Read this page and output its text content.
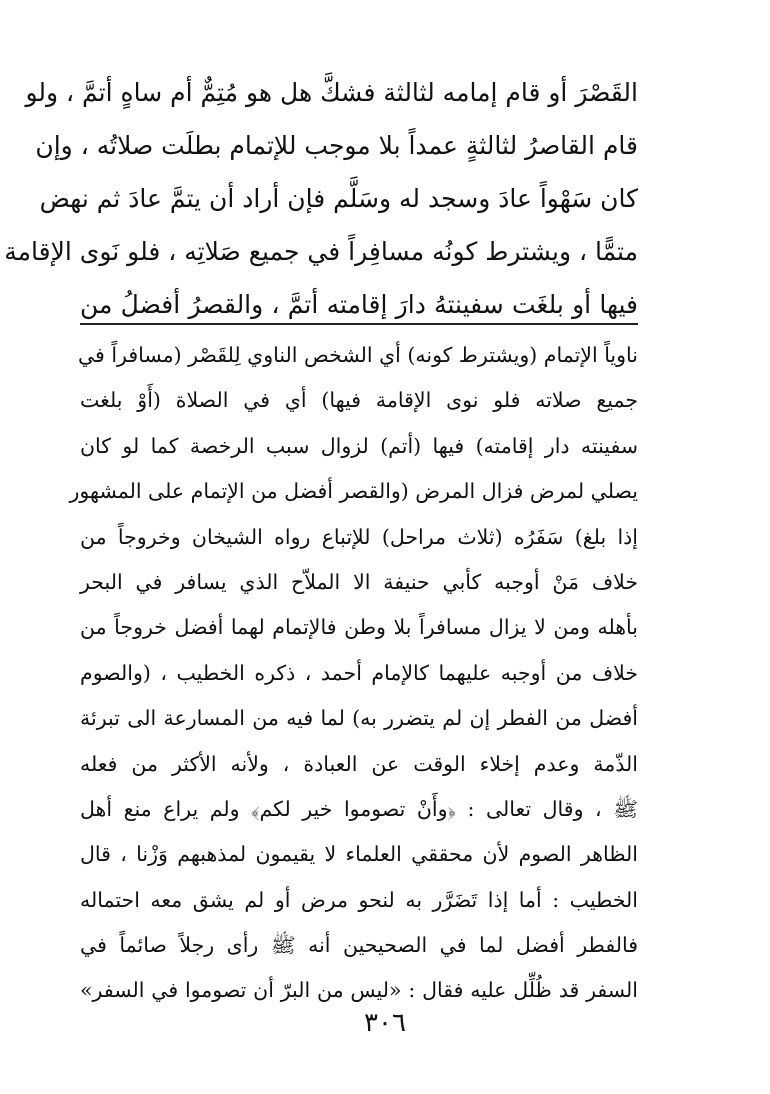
القَصْرَ أو قام إمامه لثالثة فشكَّ هل هو مُتِمٌّ أم ساهٍ أتمَّ ، ولو
قام القاصرُ لثالثةٍ عمداً بلا موجب للإتمام بطلَت صلاتُه ، وإن
كان سَهْواً عادَ وسجد له وسَلَّم فإن أراد أن يتمَّ عادَ ثم نهض
متمًّا ، ويشترط كونُه مسافِراً في جميع صَلاتِه ، فلو نَوى الإقامة
فيها أو بلغَت سفينتهُ دارَ إقامته أتمَّ ، والقصرُ أفضلُ من
ناوياً الإتمام (ويشترط كونه) أي الشخص الناوي لِلقَصْر (مسافراً في
جميع صلاته فلو نوى الإقامة فيها) أي في الصلاة (أَوْ بلغت
سفينته دار إقامته) فيها (أتم) لزوال سبب الرخصة كما لو كان
يصلي لمرض فزال المرض (والقصر أفضل من الإتمام على المشهور
إذا بلغ) سَفَرُه (ثلاث مراحل) للإتباع رواه الشيخان وخروجاً من
خلاف مَنْ أوجبه كأبي حنيفة الا الملاّح الذي يسافر في البحر
بأهله ومن لا يزال مسافراً بلا وطن فالإتمام لهما أفضل خروجاً من
خلاف من أوجبه عليهما كالإمام أحمد ، ذكره الخطيب ، (والصوم
أفضل من الفطر إن لم يتضرر به) لما فيه من المسارعة الى تبرئة
الذّمة وعدم إخلاء الوقت عن العبادة ، ولأنه الأكثر من فعله
ﷺ ، وقال تعالى : ﴿وأَنْ تصوموا خير لكم﴾ ولم يراع منع أهل
الظاهر الصوم لأن محققي العلماء لا يقيمون لمذهبهم وَزْنا ، قال
الخطيب : أما إذا تَضَرَّر به لنحو مرض أو لم يشق معه احتماله
فالفطر أفضل لما في الصحيحين أنه ﷺ رأى رجلاً صائماً في
السفر قد ظُلِّل عليه فقال : «ليس من البرّ أن تصوموا في السفر»
٣٠٦
